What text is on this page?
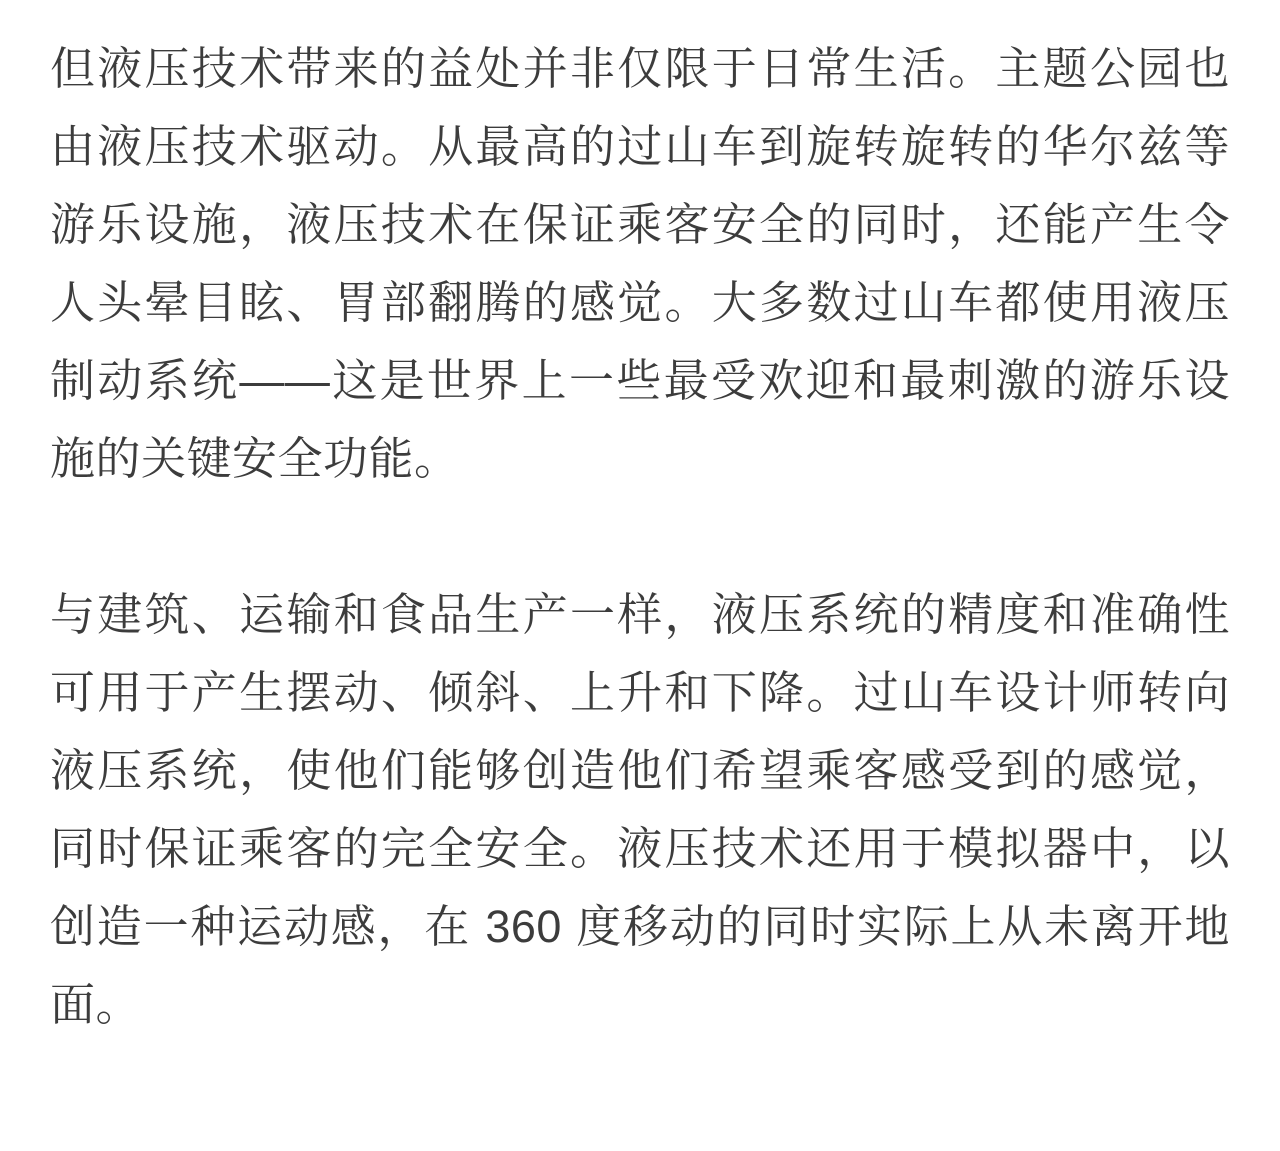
但液压技术带来的益处并非仅限于日常生活。主题公园也由液压技术驱动。从最高的过山车到旋转旋转的华尔兹等游乐设施，液压技术在保证乘客安全的同时，还能产生令人头晕目眩、胃部翻腾的感觉。大多数过山车都使用液压制动系统——这是世界上一些最受欢迎和最刺激的游乐设施的关键安全功能。

与建筑、运输和食品生产一样，液压系统的精度和准确性可用于产生摆动、倾斜、上升和下降。过山车设计师转向液压系统，使他们能够创造他们希望乘客感受到的感觉，同时保证乘客的完全安全。液压技术还用于模拟器中，以创造一种运动感，在 360 度移动的同时实际上从未离开地面。
